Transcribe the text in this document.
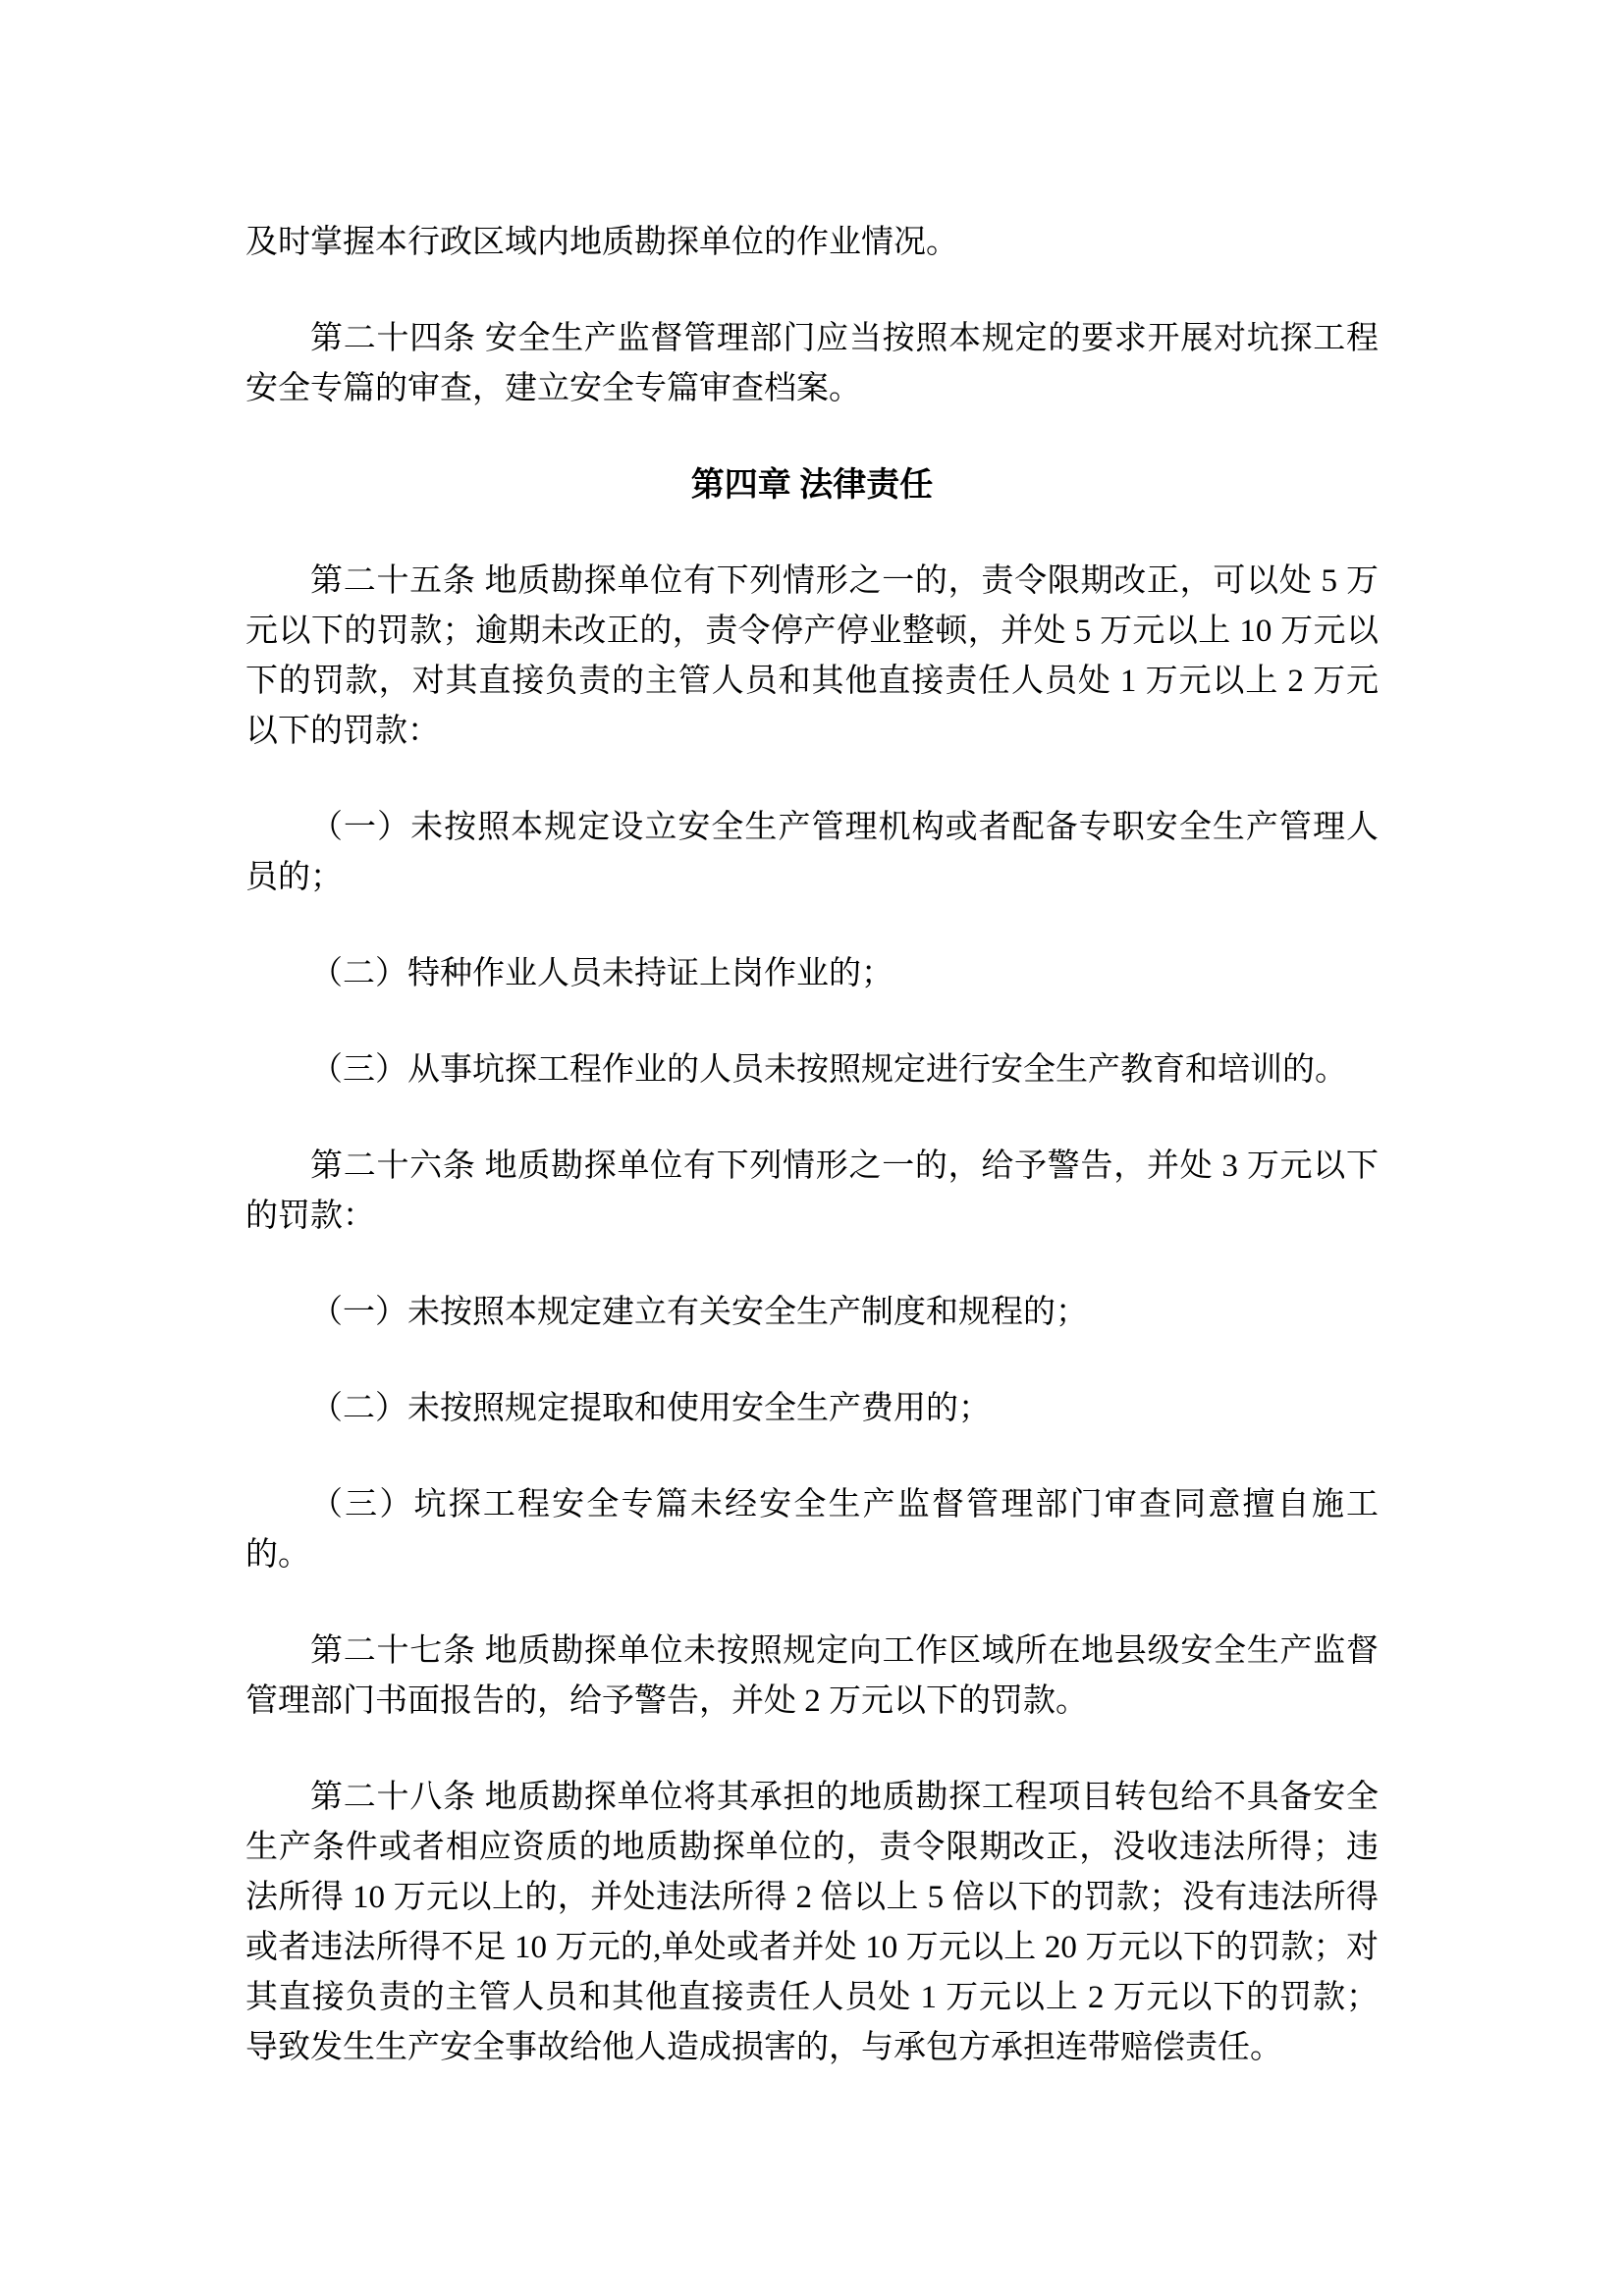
及时掌握本行政区域内地质勘探单位的作业情况。

第二十四条 安全生产监督管理部门应当按照本规定的要求开展对坑探工程安全专篇的审查，建立安全专篇审查档案。

第四章 法律责任

第二十五条 地质勘探单位有下列情形之一的，责令限期改正，可以处 5 万元以下的罚款；逾期未改正的，责令停产停业整顿，并处 5 万元以上 10 万元以下的罚款，对其直接负责的主管人员和其他直接责任人员处 1 万元以上 2 万元以下的罚款：

（一）未按照本规定设立安全生产管理机构或者配备专职安全生产管理人员的；

（二）特种作业人员未持证上岗作业的；

（三）从事坑探工程作业的人员未按照规定进行安全生产教育和培训的。

第二十六条 地质勘探单位有下列情形之一的，给予警告，并处 3 万元以下的罚款：

（一）未按照本规定建立有关安全生产制度和规程的；

（二）未按照规定提取和使用安全生产费用的；

（三）坑探工程安全专篇未经安全生产监督管理部门审查同意擅自施工的。

第二十七条 地质勘探单位未按照规定向工作区域所在地县级安全生产监督管理部门书面报告的，给予警告，并处 2 万元以下的罚款。

第二十八条 地质勘探单位将其承担的地质勘探工程项目转包给不具备安全生产条件或者相应资质的地质勘探单位的，责令限期改正，没收违法所得；违法所得 10 万元以上的，并处违法所得 2 倍以上 5 倍以下的罚款；没有违法所得或者违法所得不足 10 万元的,单处或者并处 10 万元以上 20 万元以下的罚款；对其直接负责的主管人员和其他直接责任人员处 1 万元以上 2 万元以下的罚款；导致发生生产安全事故给他人造成损害的，与承包方承担连带赔偿责任。
